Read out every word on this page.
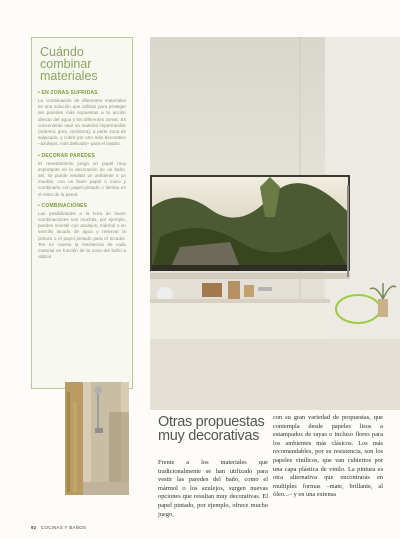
Cuándo combinar materiales
• EN ZONAS SUFRIDAS
La combinación de diferentes materiales es una solución que utilizan para proteger las paredes más expuestas a la acción directa del agua y los diferentes zonas. Es conveniente usar un material impermeable (mármol, gres, cerámica), a parte zona de salpicado, y cubrir por otro más decorativo –azulejos, más delicado– para el lavabo.
• DECORAR PAREDES
El revestimiento juega un papel muy importante en la decoración de un baño, así, se puede resaltar un ambiente o un mueble, con un buen papel o muro y combinarlo con papel pintado o lámina en el resto de la pared.
• COMBINACIONES
Las posibilidades a la hora de hacer combinaciones son muchas, por ejemplo, puedes revestir con azulejos, mármol o un sencillo lacado de agua y reservar la pintura o el papel pintado para el tocador. Ten en cuenta la resistencia de cada material en función de la zona del baño a utilizar.
Otras propuestas muy decorativas
Frente a los materiales que tradicionalmente se han utilizado para vestir las paredes del baño, como el mármol o los azulejos, surgen nuevas opciones que resultan muy decorativas. El papel pintado, por ejemplo, ofrece mucho juego,
con su gran variedad de propuestas, que contempla desde papeles lisos a estampados de rayas o incluso flores para los ambientes más clásicos. Los más recomendables, por su resistencia, son los papeles vinílicos, que van cubiertos por una capa plástica de vinilo. La pintura es otra alternativa que encontrarás en multiples formas –mate, brillante, al óleo...– y en una extensa
92 COCINAS Y BAÑOS
